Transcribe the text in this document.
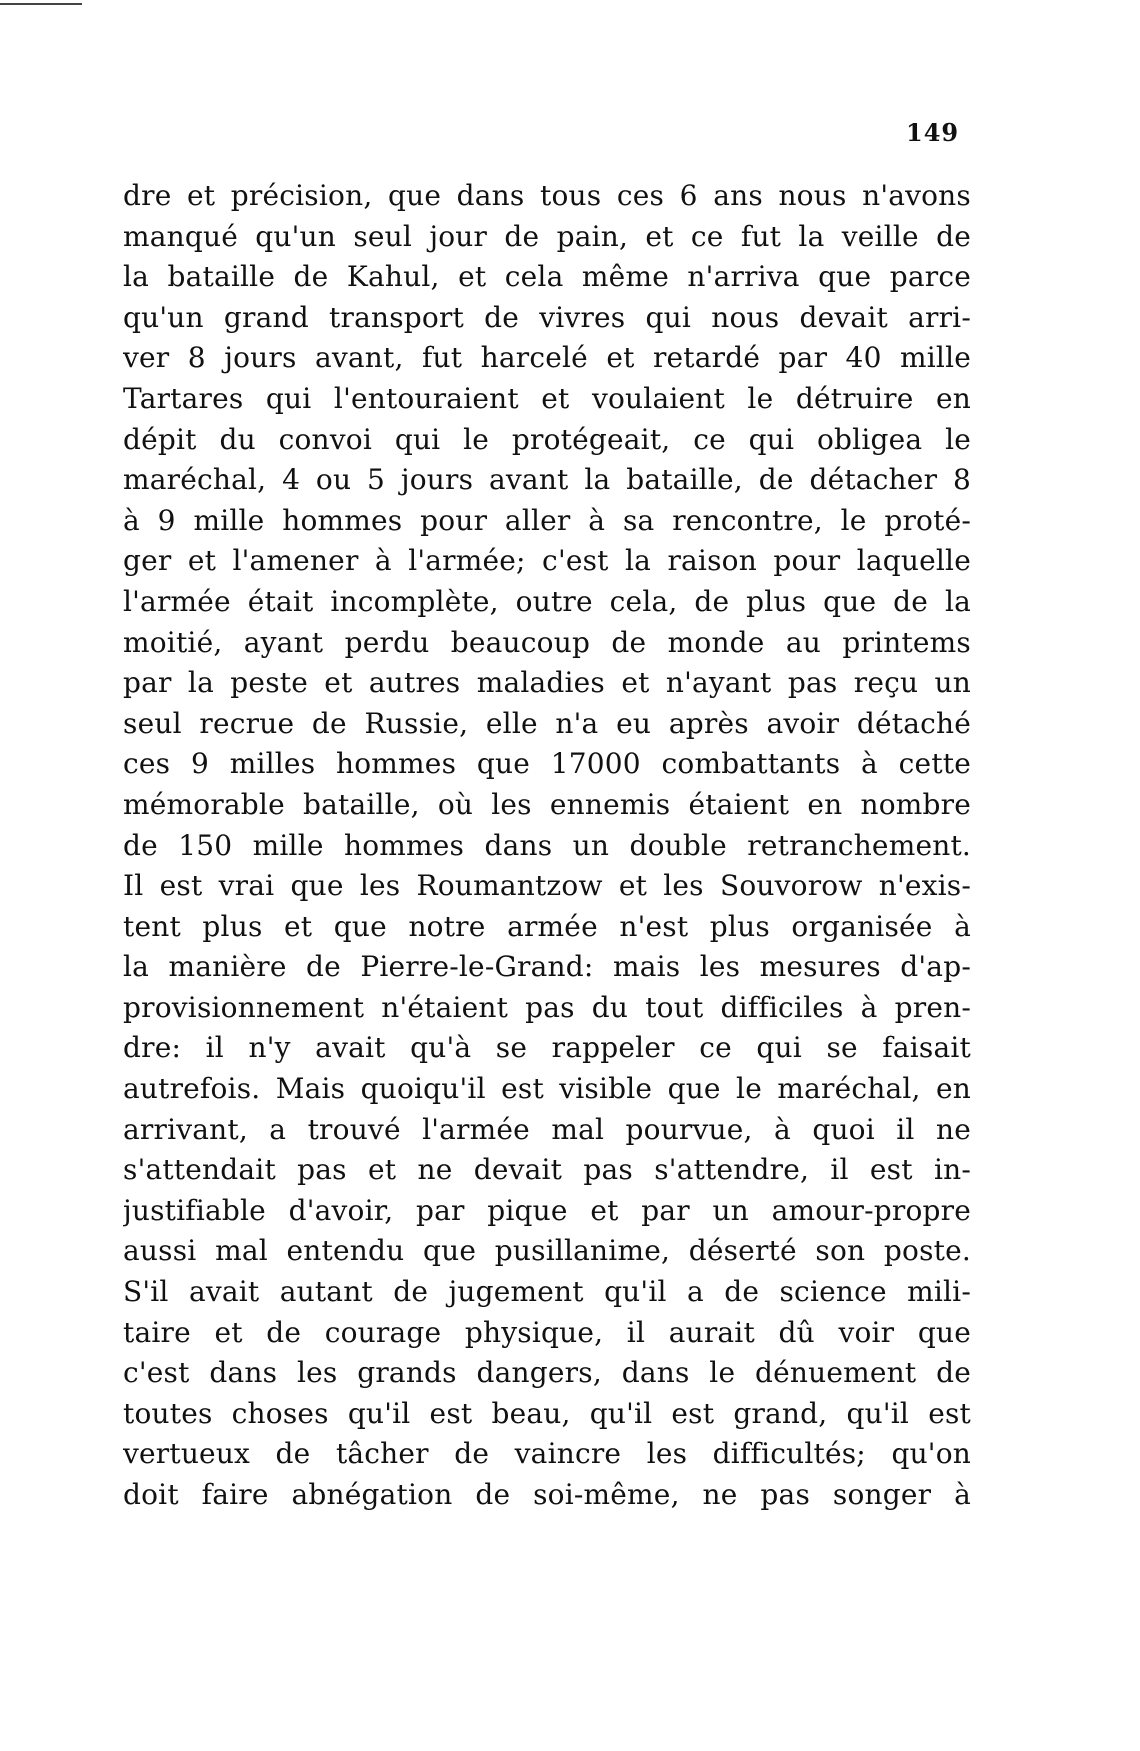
149
dre et précision, que dans tous ces 6 ans nous n'avons
manqué qu'un seul jour de pain, et ce fut la veille de
la bataille de Kahul, et cela même n'arriva que parce
qu'un grand transport de vivres qui nous devait arri-
ver 8 jours avant, fut harcelé et retardé par 40 mille
Tartares qui l'entouraient et voulaient le détruire en
dépit du convoi qui le protégeait, ce qui obligea le
maréchal, 4 ou 5 jours avant la bataille, de détacher 8
à 9 mille hommes pour aller à sa rencontre, le proté-
ger et l'amener à l'armée; c'est la raison pour laquelle
l'armée était incomplète, outre cela, de plus que de la
moitié, ayant perdu beaucoup de monde au printems
par la peste et autres maladies et n'ayant pas reçu un
seul recrue de Russie, elle n'a eu après avoir détaché
ces 9 milles hommes que 17000 combattants à cette
mémorable bataille, où les ennemis étaient en nombre
de 150 mille hommes dans un double retranchement.
Il est vrai que les Roumantzow et les Souvorow n'exis-
tent plus et que notre armée n'est plus organisée à
la manière de Pierre-le-Grand: mais les mesures d'ap-
provisionnement n'étaient pas du tout difficiles à pren-
dre: il n'y avait qu'à se rappeler ce qui se faisait
autrefois. Mais quoiqu'il est visible que le maréchal, en
arrivant, a trouvé l'armée mal pourvue, à quoi il ne
s'attendait pas et ne devait pas s'attendre, il est in-
justifiable d'avoir, par pique et par un amour-propre
aussi mal entendu que pusillanime, déserté son poste.
S'il avait autant de jugement qu'il a de science mili-
taire et de courage physique, il aurait dû voir que
c'est dans les grands dangers, dans le dénuement de
toutes choses qu'il est beau, qu'il est grand, qu'il est
vertueux de tâcher de vaincre les difficultés; qu'on
doit faire abnégation de soi-même, ne pas songer à
